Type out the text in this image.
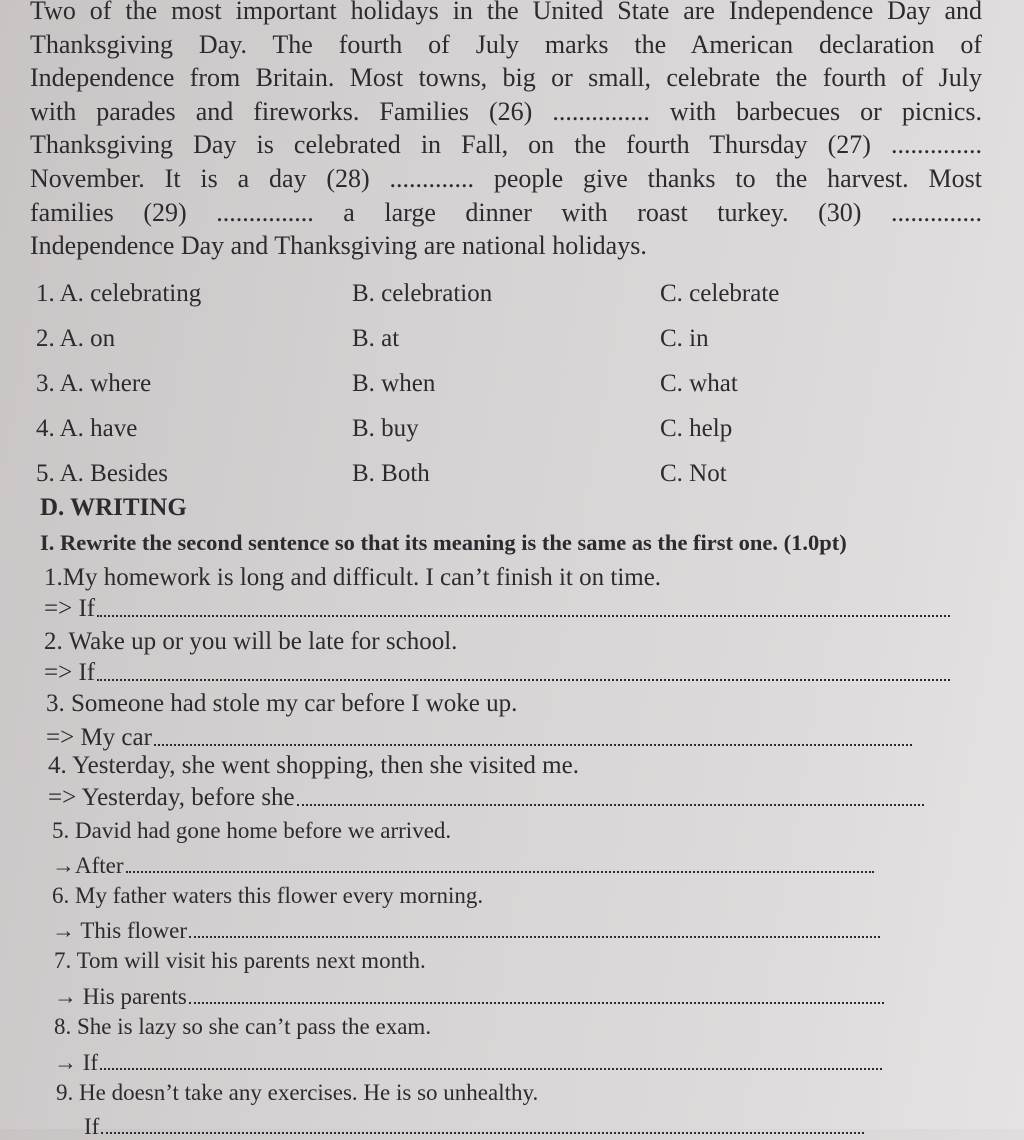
Two of the most important holidays in the United State are Independence Day and
Thanksgiving Day. The fourth of July marks the American declaration of
Independence from Britain. Most towns, big or small, celebrate the fourth of July
with parades and fireworks. Families (26) ............... with barbecues or picnics.
Thanksgiving Day is celebrated in Fall, on the fourth Thursday (27) ..............
November. It is a day (28) ............. people give thanks to the harvest. Most
families (29) ............... a large dinner with roast turkey. (30) ..............
Independence Day and Thanksgiving are national holidays.
1. A. celebrating	B. celebration	C. celebrate
2. A. on	B. at	C. in
3. A. where	B. when	C. what
4. A. have	B. buy	C. help
5. A. Besides	B. Both	C. Not
D. WRITING
I. Rewrite the second sentence so that its meaning is the same as the first one. (1.0pt)
1.My homework is long and difficult. I can’t finish it on time.
=> If
2. Wake up or you will be late for school.
=> If
3. Someone had stole my car before I woke up.
=> My car
4. Yesterday, she went shopping, then she visited me.
=> Yesterday, before she
5. David had gone home before we arrived.
→After
6. My father waters this flower every morning.
→ This flower
7. Tom will visit his parents next month.
→ His parents
8. She is lazy so she can’t pass the exam.
→ If
9. He doesn’t take any exercises. He is so unhealthy.
If
